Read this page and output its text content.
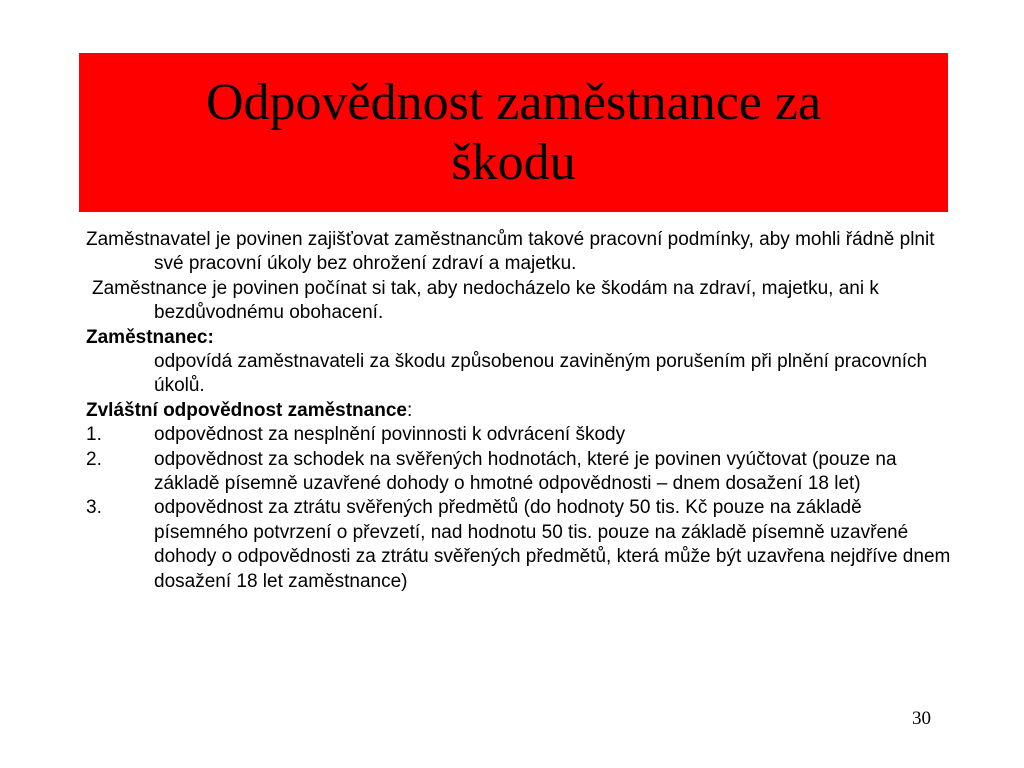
Odpovědnost zaměstnance za
škodu

Zaměstnavatel je povinen zajišťovat zaměstnancům takové pracovní podmínky, aby mohli řádně plnit své pracovní úkoly bez ohrožení zdraví a majetku.

Zaměstnance je povinen počínat si tak, aby nedocházelo ke škodám na zdraví, majetku, ani k bezdůvodnému obohacení.

Zaměstnanec:

odpovídá zaměstnavateli za škodu způsobenou zaviněným porušením při plnění pracovních úkolů.

Zvláštní odpovědnost zaměstnance:

1.	odpovědnost za nesplnění povinnosti k odvrácení škody
2.	odpovědnost za schodek na svěřených hodnotách, které je povinen vyúčtovat (pouze na základě písemně uzavřené dohody o hmotné odpovědnosti – dnem dosažení 18 let)
3.	odpovědnost za ztrátu svěřených předmětů (do hodnoty 50 tis. Kč pouze na základě písemného potvrzení o převzetí, nad hodnotu 50 tis. pouze na základě písemně uzavřené dohody o odpovědnosti za ztrátu svěřených předmětů, která může být uzavřena nejdříve dnem dosažení 18 let zaměstnance)
30
